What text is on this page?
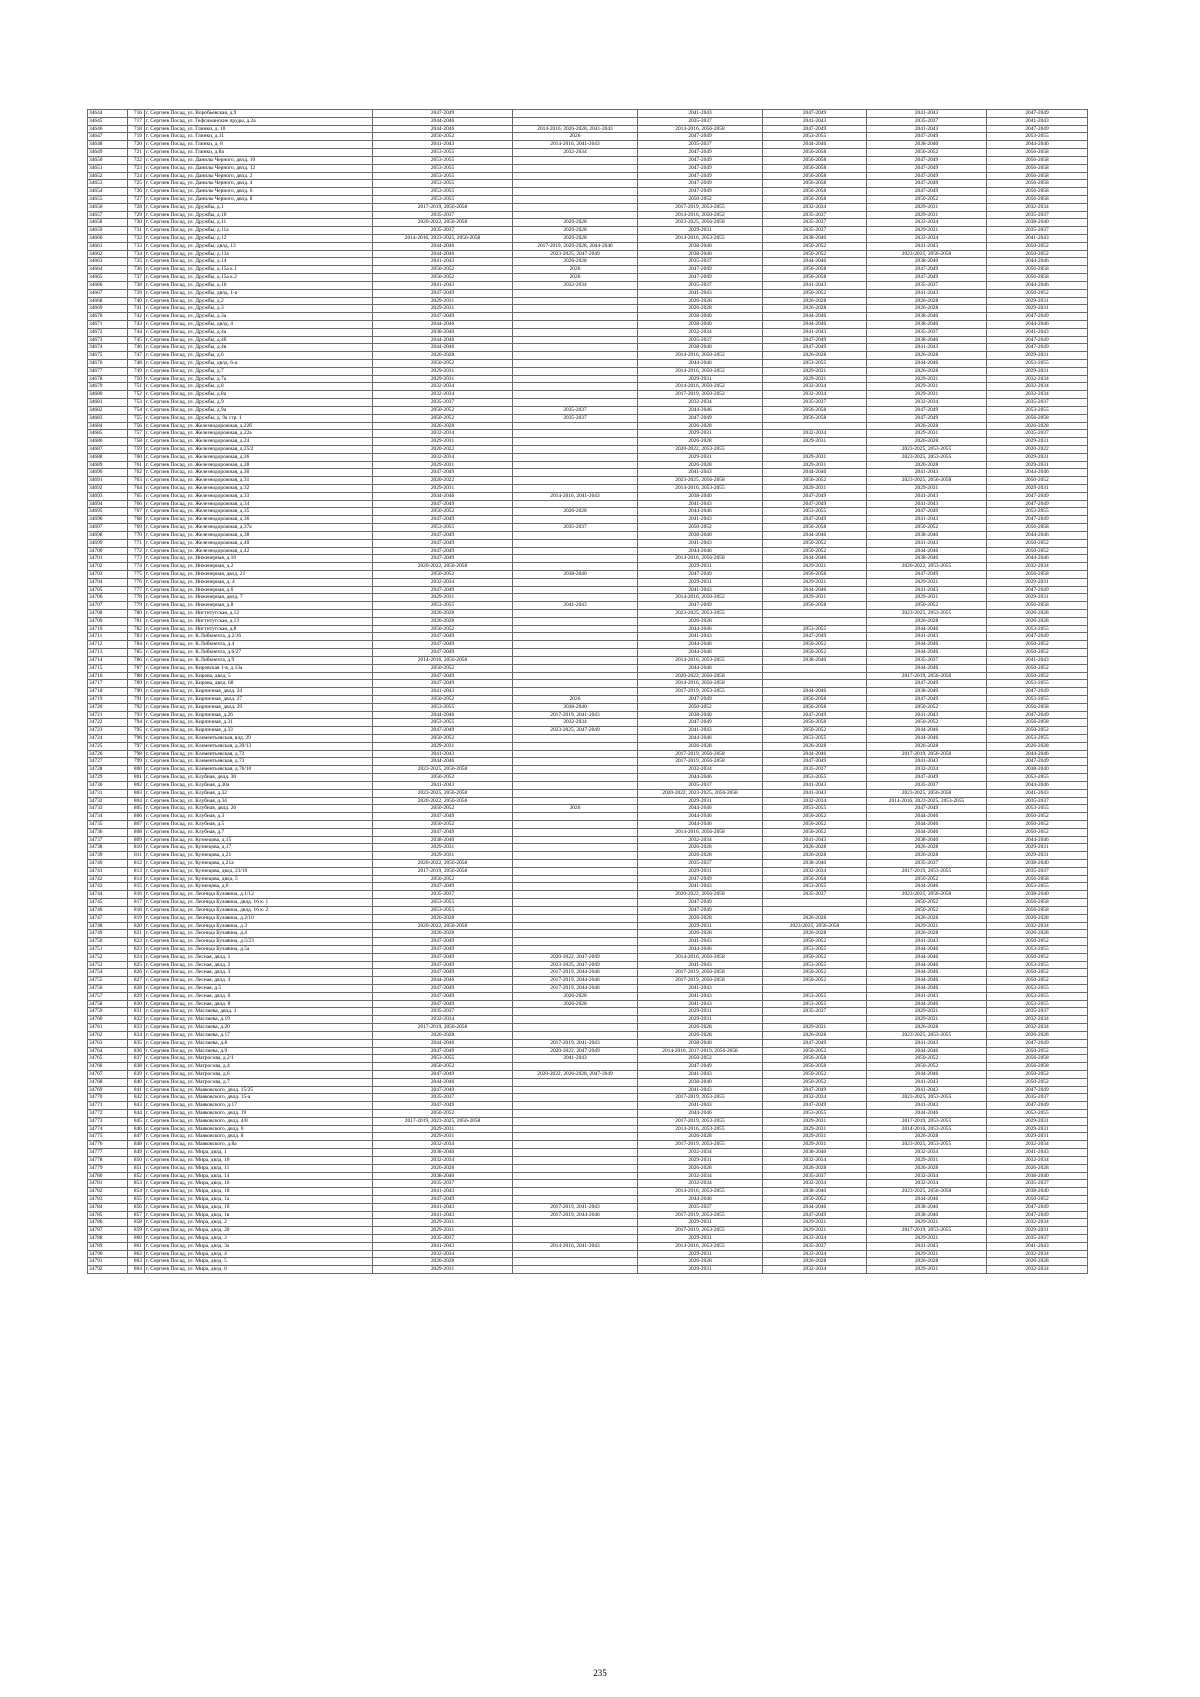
34644	716	г. Сергиев Посад, ул. Воробьевская, д.9	2047-2049		2041-2043	2047-2049	2041-2043	2047-2049
34645	717	г. Сергиев Посад, ул. Гефсиманские пруды, д.2а	2044-2046		2035-2037	2041-2043	2035-2037	2041-2043
34646	718	г. Сергиев Посад, ул. Глинки, д. 10	2044-2046	2014-2016, 2026-2028, 2041-2043	2014-2016, 2056-2058	2047-2049	2041-2043	2047-2049
34647	719	г. Сергиев Посад, ул. Глинки, д.11	2050-2052	2026	2047-2049	2053-2055	2047-2049	2053-2055
34648	720	г. Сергиев Посад, ул. Глинки, д. 8	2041-2043	2014-2016, 2041-2043	2035-2037	2044-2046	2038-2040	2044-2046
34649	721	г. Сергиев Посад, ул. Глинки, д.8а	2053-2055	2032-2034	2047-2049	2056-2058	2050-2052	2056-2058
34650	722	г. Сергиев Посад, ул. Данилы Черного, двлд. 10	2053-2055		2047-2049	2056-2058	2047-2049	2056-2058
34651	723	г. Сергиев Посад, ул. Данилы Черного, двлд. 12	2053-2055		2047-2049	2056-2058	2047-2049	2056-2058
34652	724	г. Сергиев Посад, ул. Данилы Черного, двлд. 2	2053-2055		2047-2049	2056-2058	2047-2049	2056-2058
34653	725	г. Сергиев Посад, ул. Данилы Черного, двлд. 4	2053-2055		2047-2049	2056-2058	2047-2049	2056-2058
34654	726	г. Сергиев Посад, ул. Данилы Черного, двлд. 6	2053-2055		2047-2049	2056-2058	2047-2049	2056-2058
34655	727	г. Сергиев Посад, ул. Данилы Черного, двлд. 8	2053-2055		2050-2052	2056-2058	2050-2052	2056-2058
34656	728	г. Сергиев Посад, ул. Дружбы, д.1	2017-2019, 2056-2058		2017-2019, 2053-2055	2032-2034	2029-2031	2032-2034
34657	729	г. Сергиев Посад, ул. Дружбы, д.10	2035-2037		2014-2016, 2050-2052	2035-2037	2029-2031	2035-2037
34658	730	г. Сергиев Посад, ул. Дружбы, д.11	2020-2022, 2056-2058	2026-2028	2023-2025, 2056-2058	2035-2037	2032-2034	2038-2040
34659	731	г. Сергиев Посад, ул. Дружбы, д.11а	2035-2037	2026-2028	2029-2031	2035-2037	2029-2031	2035-2037
34660	732	г. Сергиев Посад, ул. Дружбы, д.12	2014-2016, 2023-2025, 2056-2058	2026-2028	2014-2016, 2053-2055	2038-2040	2032-2034	2041-2043
34661	733	г. Сергиев Посад, ул. Дружбы, двлд. 13	2044-2046	2017-2019, 2026-2028, 2044-2046	2038-2040	2050-2052	2041-2043	2050-2052
34662	734	г. Сергиев Посад, ул. Дружбы, д.13а	2044-2046	2023-2025, 2047-2049	2038-2040	2050-2052	2023-2025, 2056-2058	2050-2052
34663	735	г. Сергиев Посад, ул. Дружбы, д.14	2041-2043	2026-2028	2035-2037	2044-2046	2038-2040	2044-2046
34664	736	г. Сергиев Посад, ул. Дружбы, д.15а к.1	2050-2052	2026	2047-2049	2056-2058	2047-2049	2056-2058
34665	737	г. Сергиев Посад, ул. Дружбы, д.15а к.2	2050-2052	2026	2047-2049	2056-2058	2047-2049	2056-2058
34666	738	г. Сергиев Посад, ул. Дружбы, д.16	2041-2043	2032-2034	2035-2037	2041-2043	2035-2037	2044-2046
34667	739	г. Сергиев Посад, ул. Дружбы, двлд. 1-а	2047-2049		2041-2043	2050-2052	2041-2043	2050-2052
34668	740	г. Сергиев Посад, ул. Дружбы, д.2	2029-2031		2026-2028	2026-2028	2026-2028	2029-2031
34669	741	г. Сергиев Посад, ул. Дружбы, д.3	2029-2031		2026-2028	2026-2028	2026-2028	2029-2031
34670	742	г. Сергиев Посад, ул. Дружбы, д.3а	2047-2049		2038-2040	2044-2046	2038-2040	2047-2049
34671	743	г. Сергиев Посад, ул. Дружбы, двлд. 4	2044-2046		2038-2040	2044-2046	2038-2040	2044-2046
34672	744	г. Сергиев Посад, ул. Дружбы, д.4а	2038-2040		2032-2034	2041-2043	2035-2037	2041-2043
34673	745	г. Сергиев Посад, ул. Дружбы, д.4б	2044-2046		2035-2037	2047-2049	2038-2040	2047-2049
34674	746	г. Сергиев Посад, ул. Дружбы, д.4в	2044-2046		2038-2040	2047-2049	2041-2043	2047-2049
34675	747	г. Сергиев Посад, ул. Дружбы, д.6	2026-2028		2014-2016, 2050-2052	2026-2028	2026-2028	2029-2031
34676	748	г. Сергиев Посад, ул. Дружбы, двлд. 6-а	2050-2052		2044-2046	2053-2055	2044-2046	2053-2055
34677	749	г. Сергиев Посад, ул. Дружбы, д.7	2029-2031		2014-2016, 2050-2052	2029-2031	2026-2028	2029-2031
34678	750	г. Сергиев Посад, ул. Дружбы, д.7а	2029-2031		2029-2031	2029-2031	2029-2031	2032-2034
34679	751	г. Сергиев Посад, ул. Дружбы, д.8	2032-2034		2014-2016, 2050-2052	2032-2034	2029-2031	2032-2034
34680	752	г. Сергиев Посад, ул. Дружбы, д.8а	2032-2034		2017-2019, 2050-2052	2032-2034	2029-2031	2032-2034
34681	753	г. Сергиев Посад, ул. Дружбы, д.9	2035-2037		2032-2034	2035-2037	2032-2034	2035-2037
34682	754	г. Сергиев Посад, ул. Дружбы, д.9а	2050-2052	2035-2037	2044-2046	2056-2058	2047-2049	2053-2055
34683	755	г. Сергиев Посад, ул. Дружбы, д. 9а стр. 1	2050-2052	2035-2037	2047-2049	2056-2058	2047-2049	2056-2058
34684	756	г. Сергиев Посад, ул. Железнодорожная, д.22б	2026-2028		2026-2028		2026-2028	2026-2028
34685	757	г. Сергиев Посад, ул. Железнодорожная, д.22а	2032-2034		2029-2031	2032-2034	2029-2031	2035-2037
34686	758	г. Сергиев Посад, ул. Железнодорожная, д.24	2029-2031		2026-2028	2029-2031	2026-2028	2029-2031
34687	759	г. Сергиев Посад, ул. Железнодорожная, д.25/2	2020-2022		2020-2022, 2053-2055		2023-2025, 2053-2055	2020-2022
34688	760	г. Сергиев Посад, ул. Железнодорожная, д.26	2032-2034		2029-2031	2029-2031	2023-2025, 2053-2055	2029-2031
34689	761	г. Сергиев Посад, ул. Железнодорожная, д.28	2029-2031		2026-2028	2029-2031	2026-2028	2029-2031
34690	762	г. Сергиев Посад, ул. Железнодорожная, д.30	2047-2049		2041-2043	2044-2046	2041-2043	2044-2046
34691	763	г. Сергиев Посад, ул. Железнодорожная, д.31	2020-2022		2023-2025, 2056-2058	2050-2052	2023-2025, 2056-2058	2050-2052
34692	764	г. Сергиев Посад, ул. Железнодорожная, д.32	2029-2031		2014-2016, 2053-2055	2029-2031	2029-2031	2029-2031
34693	765	г. Сергиев Посад, ул. Железнодорожная, д.33	2044-2046	2014-2016, 2041-2043	2038-2040	2047-2049	2041-2043	2047-2049
34694	766	г. Сергиев Посад, ул. Железнодорожная, д.34	2047-2049		2041-2043	2047-2049	2041-2043	2047-2049
34695	767	г. Сергиев Посад, ул. Железнодорожная, д.35	2050-2052	2026-2028	2044-2046	2053-2055	2047-2049	2053-2055
34696	768	г. Сергиев Посад, ул. Железнодорожная, д.36	2047-2049		2041-2043	2047-2049	2041-2043	2047-2049
34697	769	г. Сергиев Посад, ул. Железнодорожная, д.37а	2053-2055	2035-2037	2050-2052	2056-2058	2050-2052	2056-2058
34698	770	г. Сергиев Посад, ул. Железнодорожная, д.38	2047-2049		2038-2040	2044-2046	2038-2040	2044-2046
34699	771	г. Сергиев Посад, ул. Железнодорожная, д.40	2047-2049		2041-2043	2050-2052	2041-2043	2050-2052
34700	772	г. Сергиев Посад, ул. Железнодорожная, д.42	2047-2049		2044-2046	2050-2052	2044-2046	2050-2052
34701	773	г. Сергиев Посад, ул. Инженерная, д.10	2047-2049		2014-2016, 2056-2058	2044-2046	2038-2040	2044-2046
34702	774	г. Сергиев Посад, ул. Инженерная, д.2	2020-2022, 2056-2058		2029-2031	2029-2031	2020-2022, 2053-2055	2032-2034
34703	775	г. Сергиев Посад, ул. Инженерная, двлд. 21	2050-2052	2038-2040	2047-2049	2056-2058	2047-2049	2056-2058
34704	776	г. Сергиев Посад, ул. Инженерная, д. 4	2032-2034		2029-2031	2029-2031	2029-2031	2029-2031
34705	777	г. Сергиев Посад, ул. Инженерная, д.6	2047-2049		2041-2043	2044-2046	2041-2043	2047-2049
34706	778	г. Сергиев Посад, ул. Инженерная, двлд. 7	2029-2031		2014-2016, 2050-2052	2029-2031	2029-2031	2029-2031
34707	779	г. Сергиев Посад, ул. Инженерная, д.8	2053-2055	2041-2043	2047-2049	2056-2058	2050-2052	2056-2058
34708	780	г. Сергиев Посад, ул. Институтская, д.12	2026-2028		2023-2025, 2053-2055		2023-2025, 2053-2055	2026-2028
34709	781	г. Сергиев Посад, ул. Институтская, д.13	2026-2028		2026-2028		2026-2028	2026-2028
34710	782	г. Сергиев Посад, ул. Институтская, д.8	2050-2052		2044-2046	2053-2055	2044-2046	2053-2055
34711	783	г. Сергиев Посад, ул. К.Либкнехта, д.2/16	2047-2049		2041-2043	2047-2049	2041-2043	2047-2049
34712	784	г. Сергиев Посад, ул. К.Либкнехта, д.4	2047-2049		2044-2046	2050-2052	2044-2046	2050-2052
34713	785	г. Сергиев Посад, ул. К.Либкнехта, д.6/27	2047-2049		2044-2046	2050-2052	2044-2046	2050-2052
34714	786	г. Сергиев Посад, ул. К.Либкнехта, д.9	2014-2016, 2056-2058		2014-2016, 2053-2055	2038-2040	2035-2037	2041-2043
34715	787	г. Сергиев Посад, ул. Кировская 1-я, д.13а	2050-2052		2044-2046		2044-2046	2050-2052
34716	788	г. Сергиев Посад, ул. Кирова, двлд. 5	2047-2049		2020-2022, 2056-2058		2017-2019, 2056-2058	2050-2052
34717	789	г. Сергиев Посад, ул. Кирова, двлд. 68	2047-2049		2014-2016, 2056-2058		2047-2049	2053-2055
34718	790	г. Сергиев Посад, ул. Кирпичная, двлд. 24	2041-2043		2017-2019, 2053-2055	2044-2046	2038-2040	2047-2049
34719	791	г. Сергиев Посад, ул. Кирпичная, двлд. 27	2050-2052	2026	2047-2049	2056-2058	2047-2049	2053-2055
34720	792	г. Сергиев Посад, ул. Кирпичная, двлд. 29	2053-2055	2038-2040	2050-2052	2056-2058	2050-2052	2056-2058
34721	793	г. Сергиев Посад, ул. Кирпичная, д.26	2044-2046	2017-2019, 2041-2043	2038-2040	2047-2049	2041-2043	2047-2049
34722	794	г. Сергиев Посад, ул. Кирпичная, д.31	2053-2055	2032-2034	2047-2049	2056-2058	2050-2052	2056-2058
34723	795	г. Сергиев Посад, ул. Кирпичная, д.33	2047-2049	2023-2025, 2047-2049	2041-2043	2050-2052	2044-2046	2050-2052
34724	796	г. Сергиев Посад, ул. Клементьевская, влд. 29	2050-2052		2044-2046	2053-2055	2044-2046	2053-2055
34725	797	г. Сергиев Посад, ул. Клементьевская, д.39/13	2029-2031		2026-2028	2026-2028	2026-2028	2026-2028
34726	798	г. Сергиев Посад, ул. Клементьевская, д.72	2041-2043		2017-2019, 2056-2058	2044-2046	2017-2019, 2056-2058	2044-2046
34727	799	г. Сергиев Посад, ул. Клементьевская, д.73	2044-2046		2017-2019, 2056-2058	2047-2049	2041-2043	2047-2049
34728	800	г. Сергиев Посад, ул. Клементьевская, д.76/10	2023-2025, 2056-2058		2032-2034	2035-2037	2032-2034	2038-2040
34729	801	г. Сергиев Посад, ул. Клубная, двлд. 30	2050-2052		2044-2046	2053-2055	2047-2049	2053-2055
34730	802	г. Сергиев Посад, ул. Клубная, д.30а	2041-2043		2035-2037	2041-2043	2035-2037	2044-2046
34731	803	г. Сергиев Посад, ул. Клубная, д.32	2023-2025, 2056-2058		2020-2022, 2023-2025, 2056-2058	2041-2043	2023-2025, 2056-2058	2041-2043
34732	804	г. Сергиев Посад, ул. Клубная, д.34	2020-2022, 2056-2058		2029-2031	2032-2034	2014-2016, 2023-2025, 2053-2055	2035-2037
34733	805	г. Сергиев Посад, ул. Клубная, двлд. 26	2050-2052	2026	2044-2046	2053-2055	2047-2049	2053-2055
34734	806	г. Сергиев Посад, ул. Клубная, д.3	2047-2049		2044-2046	2050-2052	2044-2046	2050-2052
34735	807	г. Сергиев Посад, ул. Клубная, д.5	2050-2052		2044-2046	2050-2052	2044-2046	2050-2052
34736	808	г. Сергиев Посад, ул. Клубная, д.7	2047-2049		2014-2016, 2056-2058	2050-2052	2044-2046	2050-2052
34737	809	г. Сергиев Посад, ул. Кузнецова, д.15	2038-2040		2032-2034	2041-2043	2038-2040	2044-2046
34738	810	г. Сергиев Посад, ул. Кузнецова, д.17	2029-2031		2026-2028	2026-2028	2026-2028	2029-2031
34739	811	г. Сергиев Посад, ул. Кузнецова, д.21	2029-2031		2026-2028	2026-2028	2026-2028	2029-2031
34740	812	г. Сергиев Посад, ул. Кузнецова, д.21а	2020-2022, 2056-2058		2035-2037	2038-2040	2035-2037	2038-2040
34741	813	г. Сергиев Посад, ул. Кузнецова, двлд. 23/10	2017-2019, 2056-2058		2029-2031	2032-2034	2017-2019, 2053-2055	2035-2037
34742	814	г. Сергиев Посад, ул. Кузнецова, двлд. 5	2050-2052		2047-2049	2056-2058	2050-2052	2056-2058
34743	815	г. Сергиев Посад, ул. Кузнецова, д.6	2047-2049		2041-2043	2053-2055	2044-2046	2053-2055
34744	816	г. Сергиев Посад, ул. Леонида Булавина, д.1/12	2035-2037		2020-2022, 2056-2058	2035-2037	2023-2025, 2056-2058	2038-2040
34745	817	г. Сергиев Посад, ул. Леонида Булавина, двлд. 16 к. 1	2053-2055		2047-2049		2050-2052	2056-2058
34746	818	г. Сергиев Посад, ул. Леонида Булавина, двлд. 16 к. 2	2053-2055		2047-2049		2050-2052	2056-2058
34747	819	г. Сергиев Посад, ул. Леонида Булавина, д.2/10	2026-2028		2026-2028	2026-2028	2026-2028	2026-2028
34748	820	г. Сергиев Посад, ул. Леонида Булавина, д.3	2020-2022, 2056-2058		2029-2031	2023-2025, 2056-2058	2029-2031	2032-2034
34749	821	г. Сергиев Посад, ул. Леонида Булавина, д.4	2026-2028		2026-2028	2026-2028	2026-2028	2026-2028
34750	822	г. Сергиев Посад, ул. Леонида Булавина, д.5/23	2047-2049		2041-2043	2050-2052	2041-2043	2050-2052
34751	823	г. Сергиев Посад, ул. Леонида Булавина, д.5а	2047-2049		2044-2046	2053-2055	2044-2046	2053-2055
34752	824	г. Сергиев Посад, ул. Лесная, двлд. 1	2047-2049	2020-2022, 2047-2049	2014-2016, 2056-2058	2050-2052	2044-2046	2050-2052
34753	825	г. Сергиев Посад, ул. Лесная, двлд. 2	2047-2049	2023-2025, 2047-2049	2041-2043	2053-2055	2044-2046	2053-2055
34754	826	г. Сергиев Посад, ул. Лесная, двлд. 3	2047-2049	2017-2019, 2044-2046	2017-2019, 2056-2058	2050-2052	2044-2046	2050-2052
34755	827	г. Сергиев Посад, ул. Лесная, двлд. 4	2044-2046	2017-2019, 2044-2046	2017-2019, 2056-2058	2050-2052	2044-2046	2050-2052
34756	828	г. Сергиев Посад, ул. Лесная, д.5	2047-2049	2017-2019, 2044-2046	2041-2043		2044-2046	2053-2055
34757	829	г. Сергиев Посад, ул. Лесная, двлд. 6	2047-2049	2026-2028	2041-2043	2053-2055	2041-2043	2053-2055
34758	830	г. Сергиев Посад, ул. Лесная, двлд. 8	2047-2049	2026-2028	2041-2043	2053-2055	2044-2046	2053-2055
34759	831	г. Сергиев Посад, ул. Маслиева, двлд. 1	2035-2037		2029-2031	2035-2037	2029-2031	2035-2037
34760	832	г. Сергиев Посад, ул. Маслиева, д.19	2032-2034		2029-2031		2029-2031	2032-2034
34761	833	г. Сергиев Посад, ул. Маслиева, д.20	2017-2019, 2056-2058		2026-2028	2029-2031	2026-2028	2032-2034
34762	834	г. Сергиев Посад, ул. Маслиева, д.17	2026-2028		2026-2028	2026-2028	2023-2025, 2053-2055	2026-2028
34763	835	г. Сергиев Посад, ул. Маслиева, д.8	2044-2046	2017-2019, 2041-2043	2038-2040	2047-2049	2041-2043	2047-2049
34764	836	г. Сергиев Посад, ул. Маслиева, д.9	2047-2049	2020-2022, 2047-2049	2014-2016, 2017-2019, 2056-2058	2050-2052	2044-2046	2050-2052
34765	837	г. Сергиев Посад, ул. Матросова, д.2/1	2053-2055	2041-2043	2050-2052	2056-2058	2050-2052	2056-2058
34766	838	г. Сергиев Посад, ул. Матросова, д.4	2050-2052		2047-2049	2056-2058	2050-2052	2056-2058
34767	839	г. Сергиев Посад, ул. Матросова, д.6	2047-2049	2020-2022, 2026-2028, 2047-2049	2041-2043	2050-2052	2044-2046	2050-2052
34768	840	г. Сергиев Посад, ул. Матросова, д.7	2044-2046		2038-2040	2050-2052	2041-2043	2050-2052
34769	841	г. Сергиев Посад, ул. Маяковского, двлд. 15/25	2047-2049		2041-2043	2047-2049	2041-2043	2047-2049
34770	842	г. Сергиев Посад, ул. Маяковского, двлд. 15-а	2035-2037		2017-2019, 2053-2055	2032-2034	2023-2025, 2053-2055	2035-2037
34771	843	г. Сергиев Посад, ул. Маяковского, д.17	2047-2049		2041-2043	2047-2049	2041-2043	2047-2049
34772	844	г. Сергиев Посад, ул. Маяковского, двлд. 19	2050-2052		2044-2046	2053-2055	2044-2046	2053-2055
34773	845	г. Сергиев Посад, ул. Маяковского, двлд. 4/8	2017-2019, 2023-2025, 2056-2058		2017-2019, 2053-2055	2029-2031	2017-2019, 2053-2055	2029-2031
34774	846	г. Сергиев Посад, ул. Маяковского, двлд. 6	2029-2031		2014-2016, 2053-2055	2029-2031	2014-2016, 2053-2055	2029-2031
34775	847	г. Сергиев Посад, ул. Маяковского, двлд. 8	2029-2031		2026-2028	2029-2031	2026-2028	2029-2031
34776	848	г. Сергиев Посад, ул. Маяковского, д.8а	2032-2034		2017-2019, 2053-2055	2029-2031	2023-2025, 2053-2055	2032-2034
34777	849	г. Сергиев Посад, ул. Мира, двлд. 1	2038-2040		2032-2034	2038-2040	2032-2034	2041-2043
34778	850	г. Сергиев Посад, ул. Мира, двлд. 10	2032-2034		2029-2031	2032-2034	2029-2031	2032-2034
34779	851	г. Сергиев Посад, ул. Мира, двлд. 11	2026-2028		2026-2028	2026-2028	2026-2028	2026-2028
34780	852	г. Сергиев Посад, ул. Мира, двлд. 14	2038-2040		2032-2034	2035-2037	2032-2034	2038-2040
34781	853	г. Сергиев Посад, ул. Мира, двлд. 16	2035-2037		2032-2034	2032-2034	2032-2034	2035-2037
34782	854	г. Сергиев Посад, ул. Мира, двлд. 18	2041-2043		2014-2016, 2053-2055	2038-2040	2023-2025, 2056-2058	2038-2040
34783	855	г. Сергиев Посад, ул. Мира, двлд. 1а	2047-2049		2044-2046	2050-2052	2044-2046	2050-2052
34784	856	г. Сергиев Посад, ул. Мира, двлд. 1б	2041-2043	2017-2019, 2041-2043	2035-2037	2044-2046	2038-2040	2047-2049
34785	857	г. Сергиев Посад, ул. Мира, двлд. 1в	2041-2043	2017-2019, 2044-2046	2017-2019, 2053-2055	2047-2049	2038-2040	2047-2049
34786	858	г. Сергиев Посад, ул. Мира, двлд. 2	2029-2031		2029-2031	2029-2031	2029-2031	2032-2034
34787	859	г. Сергиев Посад, ул. Мира, двлд. 20	2029-2031		2017-2019, 2053-2055	2029-2031	2017-2019, 2053-2055	2029-2031
34788	860	г. Сергиев Посад, ул. Мира, двлд. 3	2035-2037		2029-2031	2032-2034	2029-2031	2035-2037
34789	861	г. Сергиев Посад, ул. Мира, двлд. 3а	2041-2043	2014-2016, 2041-2043	2014-2016, 2053-2055	2035-2037	2041-2043	2041-2043
34790	862	г. Сергиев Посад, ул. Мира, двлд. 4	2032-2034		2029-2031	2032-2034	2029-2031	2032-2034
34791	863	г. Сергиев Посад, ул. Мира, двлд. 5	2026-2028		2026-2028	2026-2028	2026-2028	2026-2028
34792	864	г. Сергиев Посад, ул. Мира, двлд. 6	2029-2031		2029-2031	2032-2034	2029-2031	2032-2034
235
